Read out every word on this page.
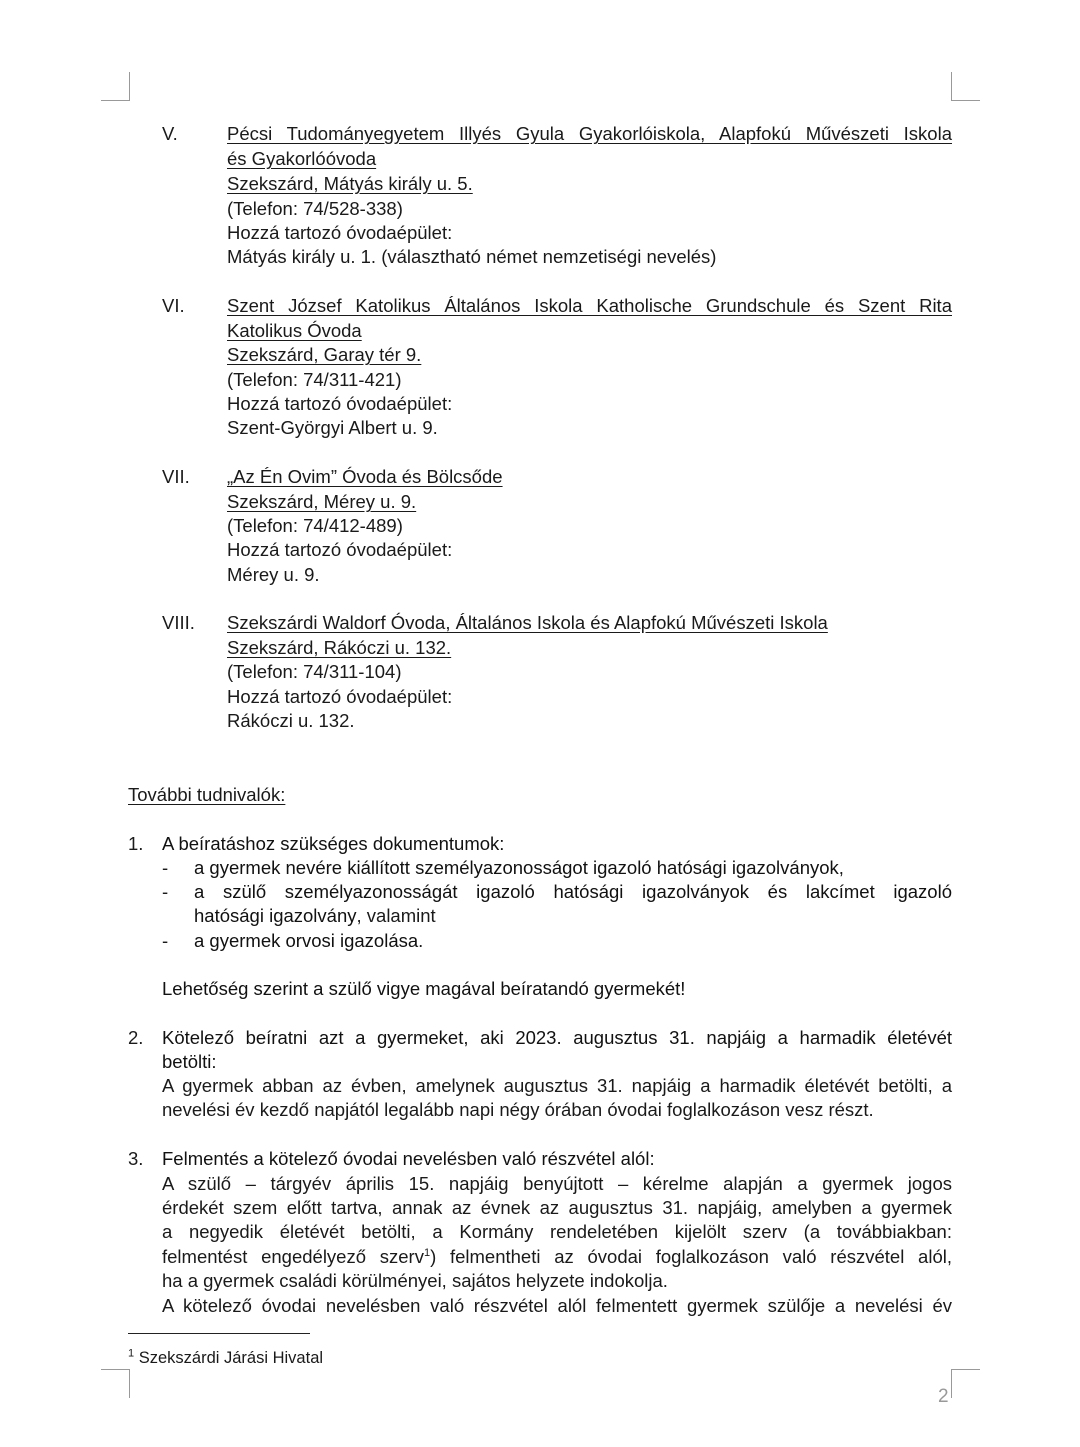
V.	Pécsi Tudományegyetem Illyés Gyula Gyakorlóiskola, Alapfokú Művészeti Iskola
és Gyakorlóóvoda
Szekszárd, Mátyás király u. 5.
(Telefon: 74/528-338)
Hozzá tartozó óvodaépület:
Mátyás király u. 1. (választható német nemzetiségi nevelés)
VI. Szent József Katolikus Általános Iskola Katholische Grundschule és Szent Rita
Katolikus Óvoda
Szekszárd, Garay tér 9.
(Telefon: 74/311-421)
Hozzá tartozó óvodaépület:
Szent-Györgyi Albert u. 9.
VII. „Az Én Ovim” Óvoda és Bölcsőde
Szekszárd, Mérey u. 9.
(Telefon: 74/412-489)
Hozzá tartozó óvodaépület:
Mérey u. 9.
VIII. Szekszárdi Waldorf Óvoda, Általános Iskola és Alapfokú Művészeti Iskola
Szekszárd, Rákóczi u. 132.
(Telefon: 74/311-104)
Hozzá tartozó óvodaépület:
Rákóczi u. 132.
További tudnivalók:
1. A beíratáshoz szükséges dokumentumok:
- a gyermek nevére kiállított személyazonosságot igazoló hatósági igazolványok,
- a szülő személyazonosságát igazoló hatósági igazolványok és lakcímet igazoló
hatósági igazolvány, valamint
- a gyermek orvosi igazolása.
Lehetőség szerint a szülő vigye magával beíratandó gyermekét!
2. Kötelező beíratni azt a gyermeket, aki 2023. augusztus 31. napjáig a harmadik életévét
betölti:
A gyermek abban az évben, amelynek augusztus 31. napjáig a harmadik életévét betölti, a
nevelési év kezdő napjától legalább napi négy órában óvodai foglalkozáson vesz részt.
3. Felmentés a kötelező óvodai nevelésben való részvétel alól:
A szülő – tárgyév április 15. napjáig benyújtott – kérelme alapján a gyermek jogos
érdekét szem előtt tartva, annak az évnek az augusztus 31. napjáig, amelyben a gyermek
a negyedik életévét betölti, a Kormány rendeletében kijelölt szerv (a továbbiakban:
felmentést engedélyező szerv$^1$) felmentheti az óvodai foglalkozáson való részvétel alól,
ha a gyermek családi körülményei, sajátos helyzete indokolja.
A kötelező óvodai nevelésben való részvétel alól felmentett gyermek szülője a nevelési év
$^1$ Szekszárdi Járási Hivatal
2
